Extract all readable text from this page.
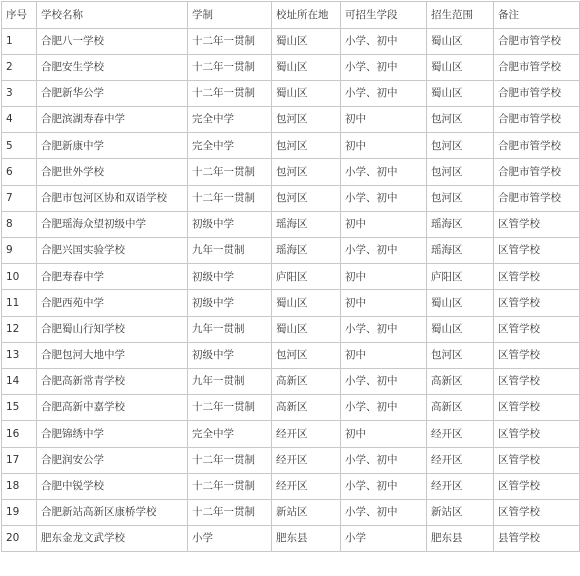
序号	学校名称	学制	校址所在地	可招生学段	招生范围	备注
1	合肥八一学校	十二年一贯制	蜀山区	小学、初中	蜀山区	合肥市管学校
2	合肥安生学校	十二年一贯制	蜀山区	小学、初中	蜀山区	合肥市管学校
3	合肥新华公学	十二年一贯制	蜀山区	小学、初中	蜀山区	合肥市管学校
4	合肥滨湖寿春中学	完全中学	包河区	初中	包河区	合肥市管学校
5	合肥新康中学	完全中学	包河区	初中	包河区	合肥市管学校
6	合肥世外学校	十二年一贯制	包河区	小学、初中	包河区	合肥市管学校
7	合肥市包河区协和双语学校	十二年一贯制	包河区	小学、初中	包河区	合肥市管学校
8	合肥瑶海众望初级中学	初级中学	瑶海区	初中	瑶海区	区管学校
9	合肥兴国实验学校	九年一贯制	瑶海区	小学、初中	瑶海区	区管学校
10	合肥寿春中学	初级中学	庐阳区	初中	庐阳区	区管学校
11	合肥西苑中学	初级中学	蜀山区	初中	蜀山区	区管学校
12	合肥蜀山行知学校	九年一贯制	蜀山区	小学、初中	蜀山区	区管学校
13	合肥包河大地中学	初级中学	包河区	初中	包河区	区管学校
14	合肥高新常青学校	九年一贯制	高新区	小学、初中	高新区	区管学校
15	合肥高新中嘉学校	十二年一贯制	高新区	小学、初中	高新区	区管学校
16	合肥锦绣中学	完全中学	经开区	初中	经开区	区管学校
17	合肥润安公学	十二年一贯制	经开区	小学、初中	经开区	区管学校
18	合肥中锐学校	十二年一贯制	经开区	小学、初中	经开区	区管学校
19	合肥新站高新区康桥学校	十二年一贯制	新站区	小学、初中	新站区	区管学校
20	肥东金龙文武学校	小学	肥东县	小学	肥东县	县管学校
